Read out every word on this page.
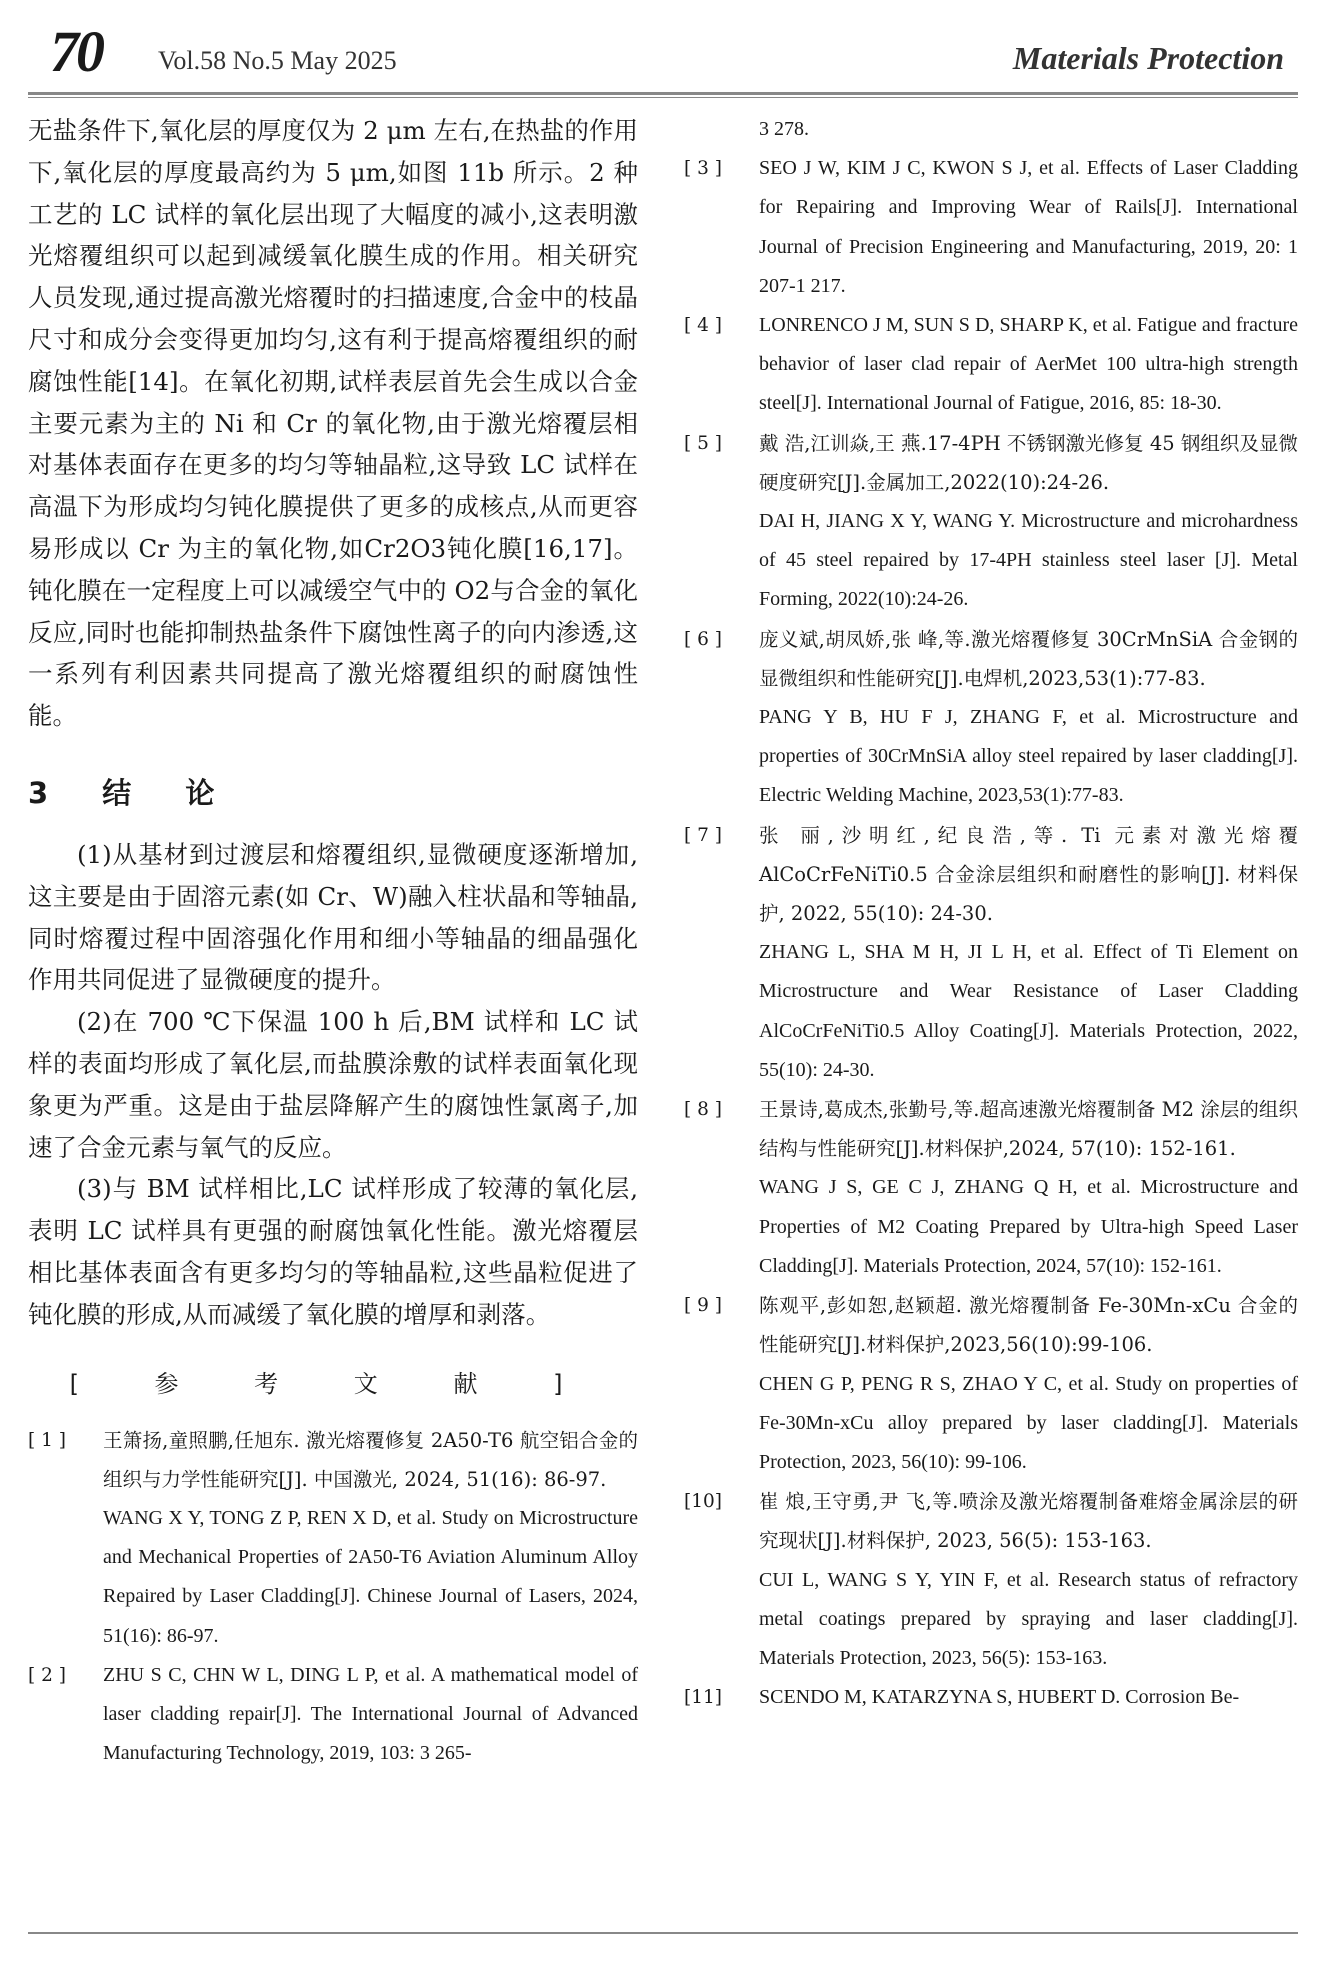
70 Vol.58 No.5 May 2025	Materials Protection

无盐条件下,氧化层的厚度仅为 2 μm 左右,在热盐的作用下,氧化层的厚度最高约为 5 μm,如图 11b 所示。2 种工艺的 LC 试样的氧化层出现了大幅度的减小,这表明激光熔覆组织可以起到减缓氧化膜生成的作用。相关研究人员发现,通过提高激光熔覆时的扫描速度,合金中的枝晶尺寸和成分会变得更加均匀,这有利于提高熔覆组织的耐腐蚀性能[14]。在氧化初期,试样表层首先会生成以合金主要元素为主的 Ni 和 Cr 的氧化物,由于激光熔覆层相对基体表面存在更多的均匀等轴晶粒,这导致 LC 试样在高温下为形成均匀钝化膜提供了更多的成核点,从而更容易形成以 Cr 为主的氧化物,如Cr2O3钝化膜[16,17]。钝化膜在一定程度上可以减缓空气中的 O2与合金的氧化反应,同时也能抑制热盐条件下腐蚀性离子的向内渗透,这一系列有利因素共同提高了激光熔覆组织的耐腐蚀性能。

3 结 论

(1)从基材到过渡层和熔覆组织,显微硬度逐渐增加,这主要是由于固溶元素(如 Cr、W)融入柱状晶和等轴晶,同时熔覆过程中固溶强化作用和细小等轴晶的细晶强化作用共同促进了显微硬度的提升。

(2)在 700 ℃下保温 100 h 后,BM 试样和 LC 试样的表面均形成了氧化层,而盐膜涂敷的试样表面氧化现象更为严重。这是由于盐层降解产生的腐蚀性氯离子,加速了合金元素与氧气的反应。

(3)与 BM 试样相比,LC 试样形成了较薄的氧化层,表明 LC 试样具有更强的耐腐蚀氧化性能。激光熔覆层相比基体表面含有更多均匀的等轴晶粒,这些晶粒促进了钝化膜的形成,从而减缓了氧化膜的增厚和剥落。

[ 参 考 文 献 ]
[ 1 ]	王箫扬,童照鹏,任旭东. 激光熔覆修复 2A50-T6 航空铝合金的组织与力学性能研究[J]. 中国激光, 2024, 51(16): 86-97.
WANG X Y, TONG Z P, REN X D, et al. Study on Microstructure and Mechanical Properties of 2A50-T6 Aviation Aluminum Alloy Repaired by Laser Cladding[J]. Chinese Journal of Lasers, 2024, 51(16): 86-97.
[ 2 ]	ZHU S C, CHN W L, DING L P, et al. A mathematical model of laser cladding repair[J]. The International Journal of Advanced Manufacturing Technology, 2019, 103: 3 265-
3 278.
[ 3 ]	SEO J W, KIM J C, KWON S J, et al. Effects of Laser Cladding for Repairing and Improving Wear of Rails[J]. International Journal of Precision Engineering and Manufacturing, 2019, 20: 1 207-1 217.
[ 4 ]	LONRENCO J M, SUN S D, SHARP K, et al. Fatigue and fracture behavior of laser clad repair of AerMet 100 ultra-high strength steel[J]. International Journal of Fatigue, 2016, 85: 18-30.
[ 5 ]	戴 浩,江训焱,王 燕.17-4PH 不锈钢激光修复 45 钢组织及显微硬度研究[J].金属加工,2022(10):24-26.
DAI H, JIANG X Y, WANG Y. Microstructure and microhardness of 45 steel repaired by 17-4PH stainless steel laser [J]. Metal Forming, 2022(10):24-26.
[ 6 ]	庞义斌,胡凤娇,张 峰,等.激光熔覆修复 30CrMnSiA 合金钢的显微组织和性能研究[J].电焊机,2023,53(1):77-83.
PANG Y B, HU F J, ZHANG F, et al. Microstructure and properties of 30CrMnSiA alloy steel repaired by laser cladding[J]. Electric Welding Machine, 2023,53(1):77-83.
[ 7 ]	张 丽,沙明红,纪良浩,等. Ti 元素对激光熔覆 AlCoCrFeNiTi0.5 合金涂层组织和耐磨性的影响[J]. 材料保护, 2022, 55(10): 24-30.
ZHANG L, SHA M H, JI L H, et al. Effect of Ti Element on Microstructure and Wear Resistance of Laser Cladding AlCoCrFeNiTi0.5 Alloy Coating[J]. Materials Protection, 2022, 55(10): 24-30.
[ 8 ]	王景诗,葛成杰,张勤号,等.超高速激光熔覆制备 M2 涂层的组织结构与性能研究[J].材料保护,2024, 57(10): 152-161.
WANG J S, GE C J, ZHANG Q H, et al. Microstructure and Properties of M2 Coating Prepared by Ultra-high Speed Laser Cladding[J]. Materials Protection, 2024, 57(10): 152-161.
[ 9 ]	陈观平,彭如恕,赵颖超. 激光熔覆制备 Fe-30Mn-xCu 合金的性能研究[J].材料保护,2023,56(10):99-106.
CHEN G P, PENG R S, ZHAO Y C, et al. Study on properties of Fe-30Mn-xCu alloy prepared by laser cladding[J]. Materials Protection, 2023, 56(10): 99-106.
[10]	崔 烺,王守勇,尹 飞,等.喷涂及激光熔覆制备难熔金属涂层的研究现状[J].材料保护, 2023, 56(5): 153-163.
CUI L, WANG S Y, YIN F, et al. Research status of refractory metal coatings prepared by spraying and laser cladding[J]. Materials Protection, 2023, 56(5): 153-163.
[11]	SCENDO M, KATARZYNA S, HUBERT D. Corrosion Be-
